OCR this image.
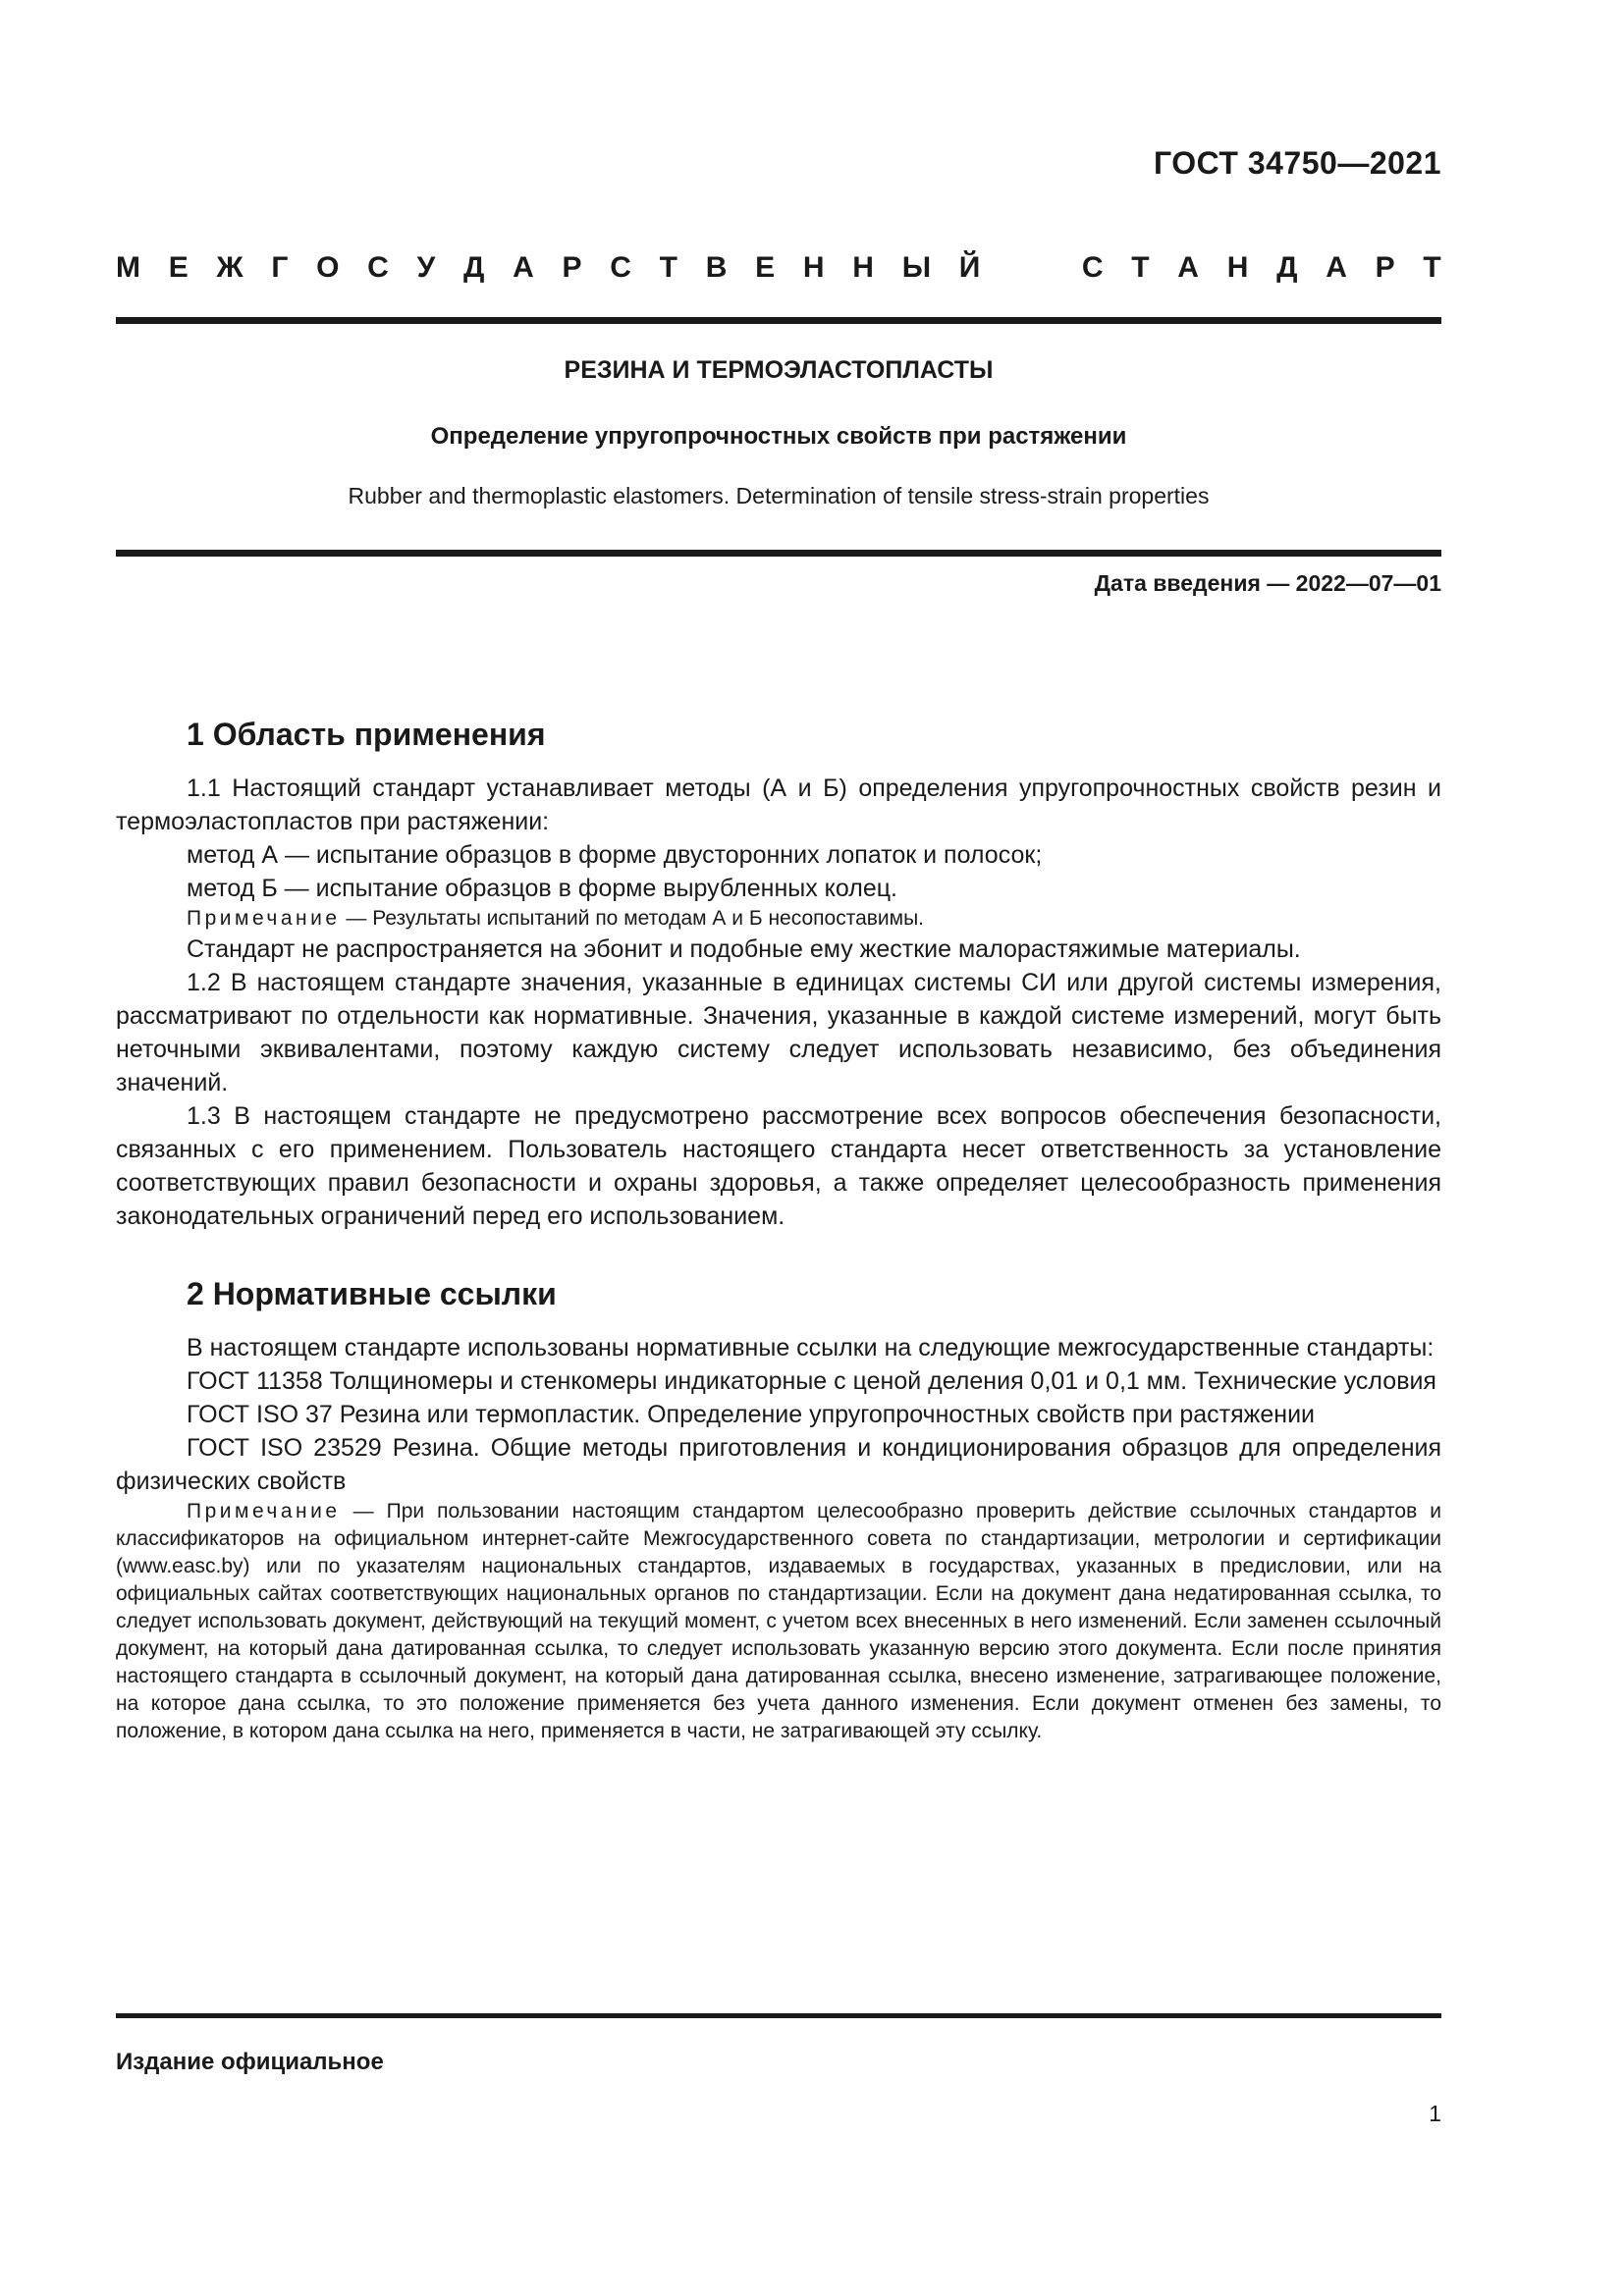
ГОСТ 34750—2021
М Е Ж Г О С У Д А Р С Т В Е Н Н Ы Й	С Т А Н Д А Р Т
РЕЗИНА И ТЕРМОЭЛАСТОПЛАСТЫ
Определение упругопрочностных свойств при растяжении
Rubber and thermoplastic elastomers. Determination of tensile stress-strain properties
Дата введения — 2022—07—01
1 Область применения

1.1 Настоящий стандарт устанавливает методы (А и Б) определения упругопрочностных свойств резин и термоэластопластов при растяжении:

метод А — испытание образцов в форме двусторонних лопаток и полосок;

метод Б — испытание образцов в форме вырубленных колец.

Примечание — Результаты испытаний по методам А и Б несопоставимы.

Стандарт не распространяется на эбонит и подобные ему жесткие малорастяжимые материалы.

1.2 В настоящем стандарте значения, указанные в единицах системы СИ или другой системы измерения, рассматривают по отдельности как нормативные. Значения, указанные в каждой системе измерений, могут быть неточными эквивалентами, поэтому каждую систему следует использовать независимо, без объединения значений.

1.3 В настоящем стандарте не предусмотрено рассмотрение всех вопросов обеспечения безопасности, связанных с его применением. Пользователь настоящего стандарта несет ответственность за установление соответствующих правил безопасности и охраны здоровья, а также определяет целесообразность применения законодательных ограничений перед его использованием.

2 Нормативные ссылки

В настоящем стандарте использованы нормативные ссылки на следующие межгосударственные стандарты:

ГОСТ 11358 Толщиномеры и стенкомеры индикаторные с ценой деления 0,01 и 0,1 мм. Технические условия

ГОСТ ISO 37 Резина или термопластик. Определение упругопрочностных свойств при растяжении

ГОСТ ISO 23529 Резина. Общие методы приготовления и кондиционирования образцов для определения физических свойств

Примечание — При пользовании настоящим стандартом целесообразно проверить действие ссылочных стандартов и классификаторов на официальном интернет-сайте Межгосударственного совета по стандартизации, метрологии и сертификации (www.easc.by) или по указателям национальных стандартов, издаваемых в государствах, указанных в предисловии, или на официальных сайтах соответствующих национальных органов по стандартизации. Если на документ дана недатированная ссылка, то следует использовать документ, действующий на текущий момент, с учетом всех внесенных в него изменений. Если заменен ссылочный документ, на который дана датированная ссылка, то следует использовать указанную версию этого документа. Если после принятия настоящего стандарта в ссылочный документ, на который дана датированная ссылка, внесено изменение, затрагивающее положение, на которое дана ссылка, то это положение применяется без учета данного изменения. Если документ отменен без замены, то положение, в котором дана ссылка на него, применяется в части, не затрагивающей эту ссылку.

Издание официальное
1
